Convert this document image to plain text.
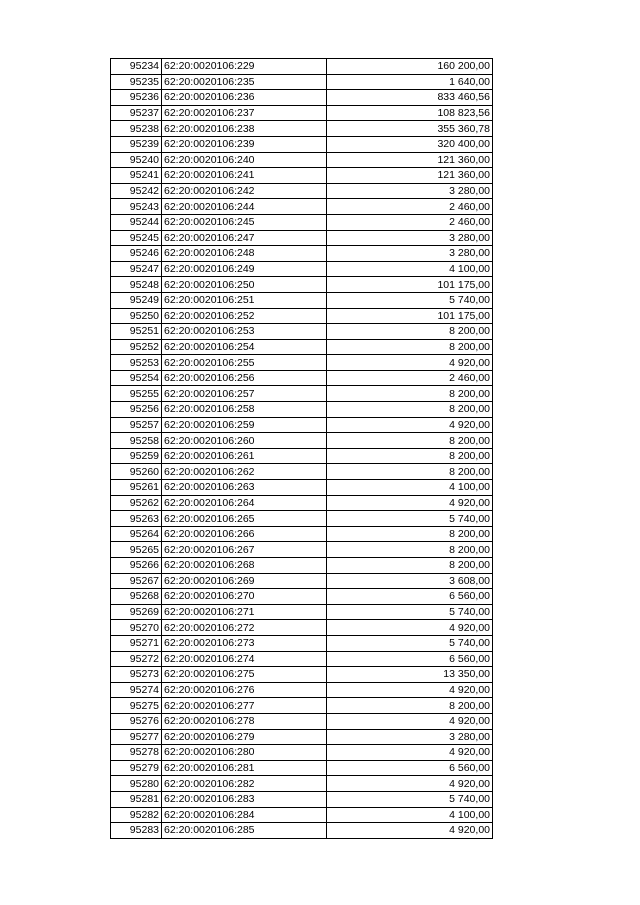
95234	62:20:0020106:229	160 200,00
95235	62:20:0020106:235	1 640,00
95236	62:20:0020106:236	833 460,56
95237	62:20:0020106:237	108 823,56
95238	62:20:0020106:238	355 360,78
95239	62:20:0020106:239	320 400,00
95240	62:20:0020106:240	121 360,00
95241	62:20:0020106:241	121 360,00
95242	62:20:0020106:242	3 280,00
95243	62:20:0020106:244	2 460,00
95244	62:20:0020106:245	2 460,00
95245	62:20:0020106:247	3 280,00
95246	62:20:0020106:248	3 280,00
95247	62:20:0020106:249	4 100,00
95248	62:20:0020106:250	101 175,00
95249	62:20:0020106:251	5 740,00
95250	62:20:0020106:252	101 175,00
95251	62:20:0020106:253	8 200,00
95252	62:20:0020106:254	8 200,00
95253	62:20:0020106:255	4 920,00
95254	62:20:0020106:256	2 460,00
95255	62:20:0020106:257	8 200,00
95256	62:20:0020106:258	8 200,00
95257	62:20:0020106:259	4 920,00
95258	62:20:0020106:260	8 200,00
95259	62:20:0020106:261	8 200,00
95260	62:20:0020106:262	8 200,00
95261	62:20:0020106:263	4 100,00
95262	62:20:0020106:264	4 920,00
95263	62:20:0020106:265	5 740,00
95264	62:20:0020106:266	8 200,00
95265	62:20:0020106:267	8 200,00
95266	62:20:0020106:268	8 200,00
95267	62:20:0020106:269	3 608,00
95268	62:20:0020106:270	6 560,00
95269	62:20:0020106:271	5 740,00
95270	62:20:0020106:272	4 920,00
95271	62:20:0020106:273	5 740,00
95272	62:20:0020106:274	6 560,00
95273	62:20:0020106:275	13 350,00
95274	62:20:0020106:276	4 920,00
95275	62:20:0020106:277	8 200,00
95276	62:20:0020106:278	4 920,00
95277	62:20:0020106:279	3 280,00
95278	62:20:0020106:280	4 920,00
95279	62:20:0020106:281	6 560,00
95280	62:20:0020106:282	4 920,00
95281	62:20:0020106:283	5 740,00
95282	62:20:0020106:284	4 100,00
95283	62:20:0020106:285	4 920,00
